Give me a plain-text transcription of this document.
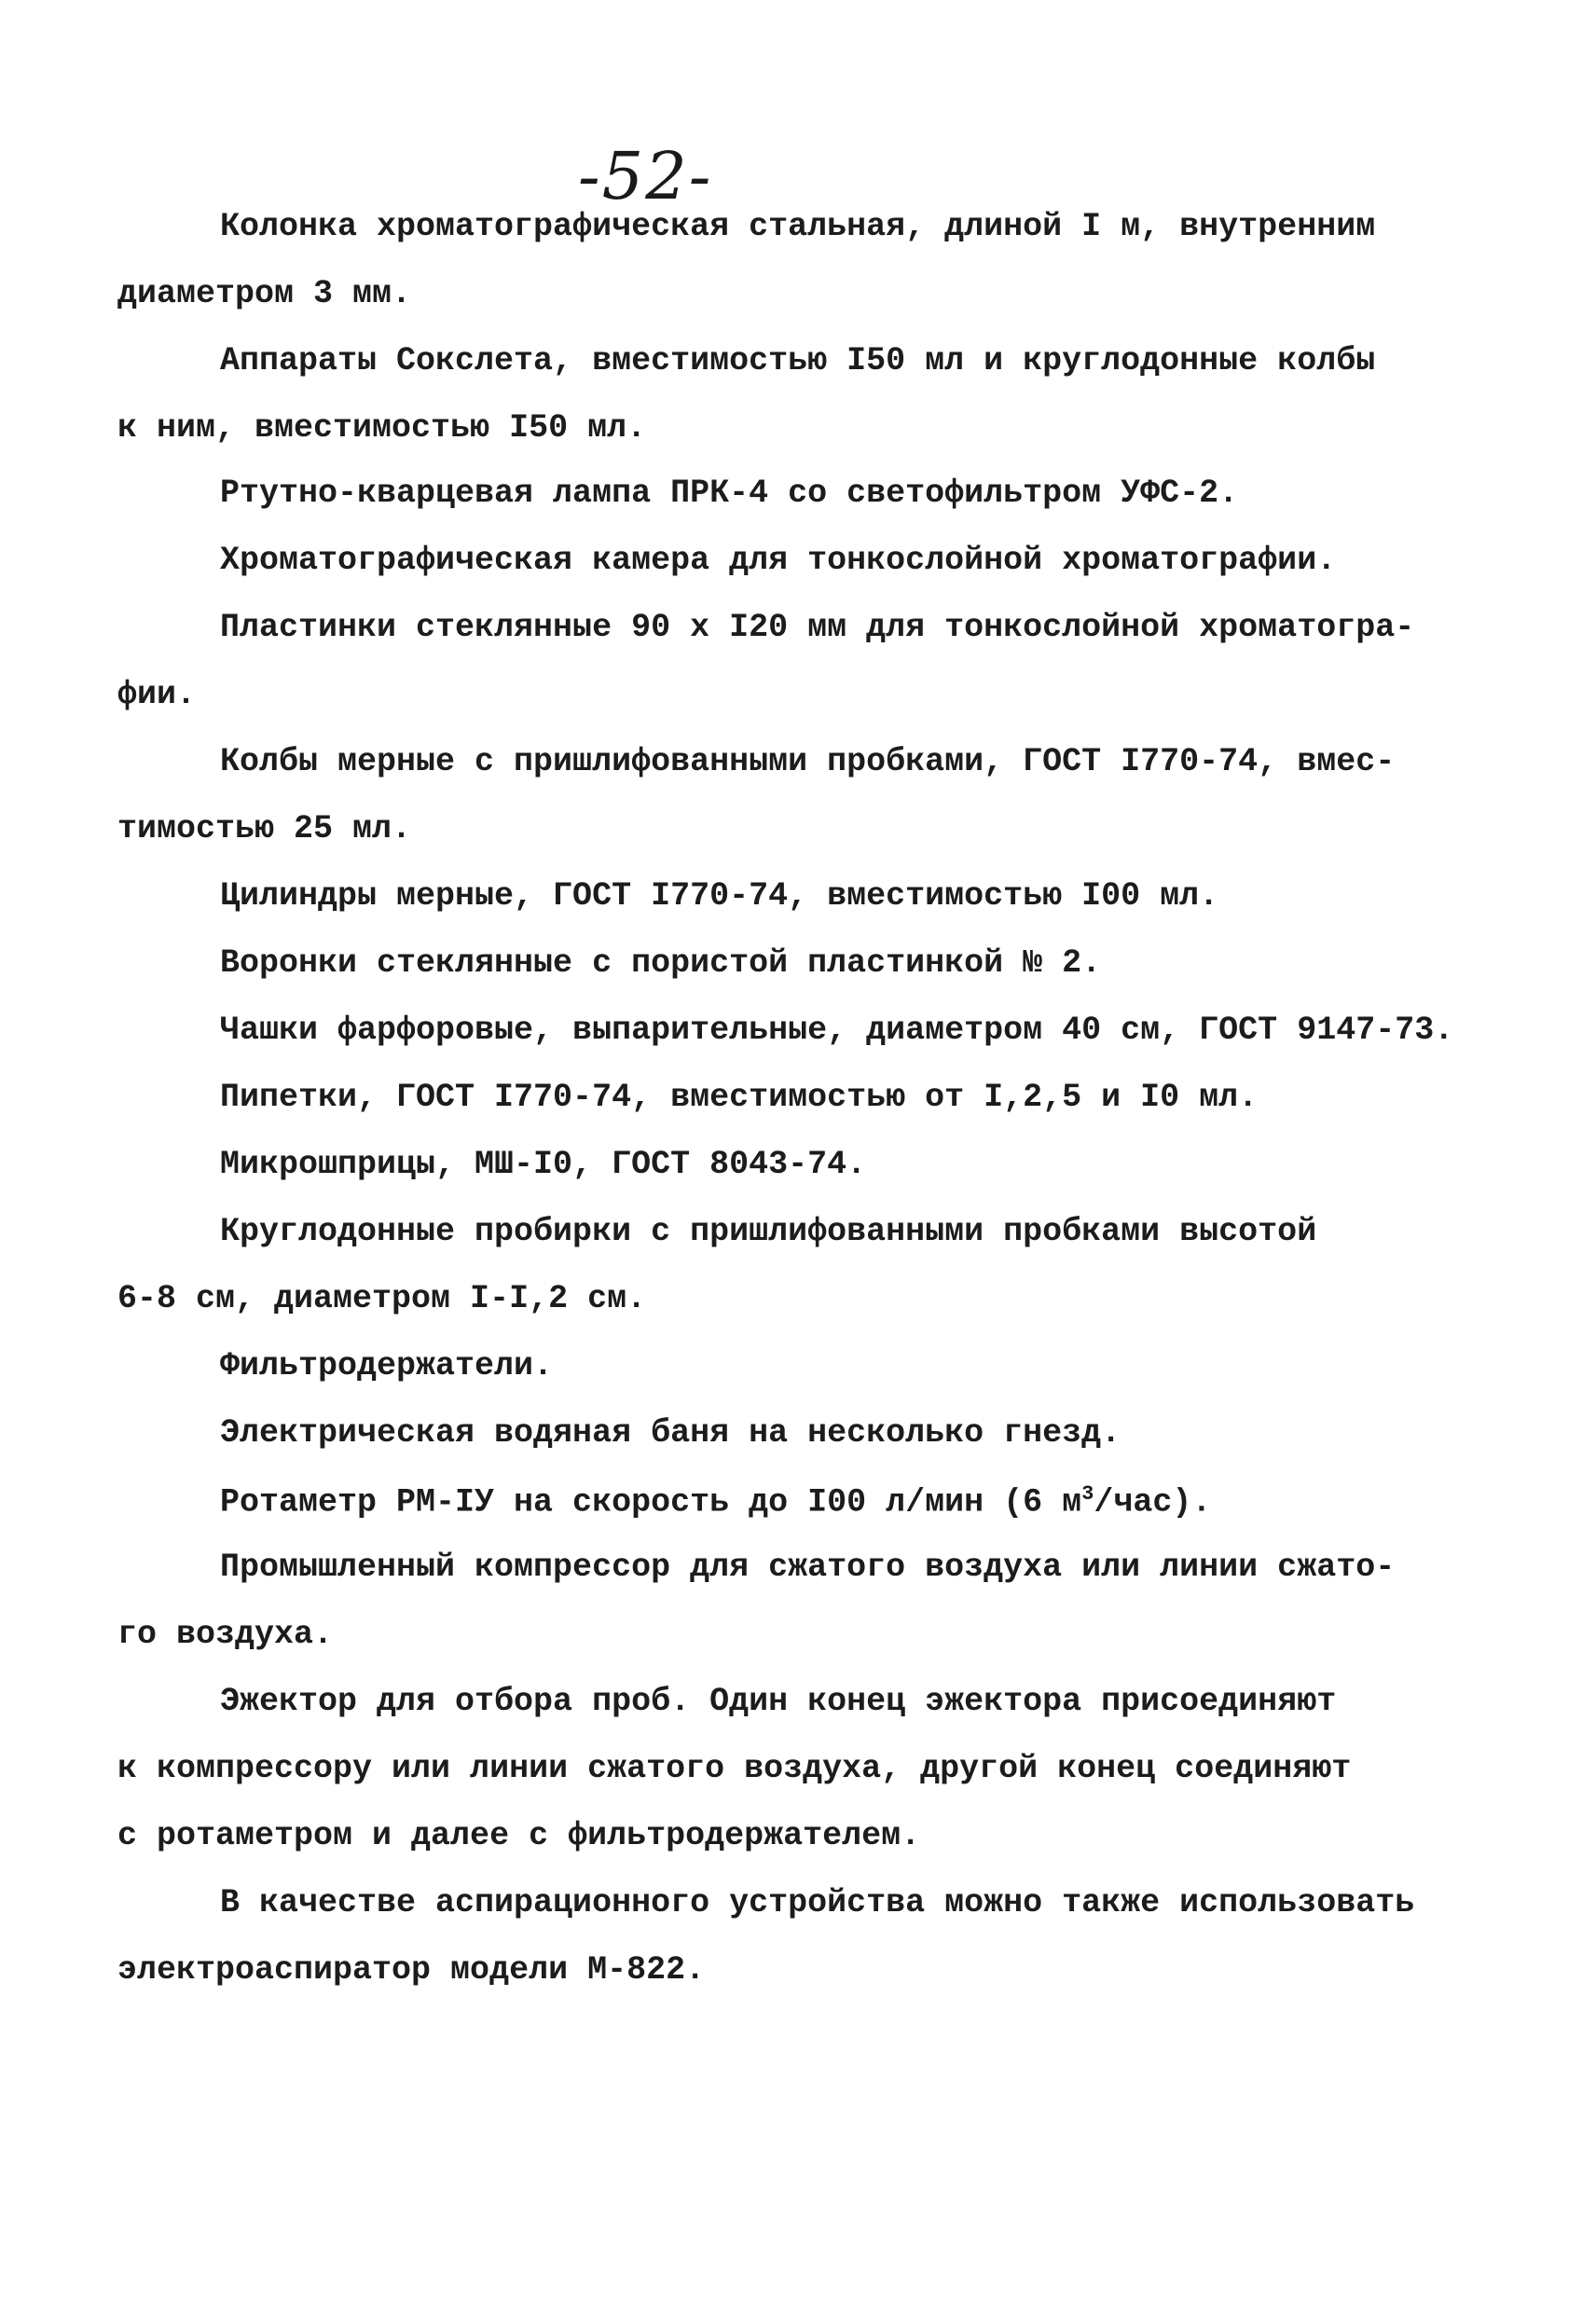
-52-
Колонка хроматографическая стальная, длиной I м, внутренним
диаметром 3 мм.
Аппараты Сокслета, вместимостью I50 мл и круглодонные колбы
к ним, вместимостью I50 мл.
Ртутно-кварцевая лампа ПРК-4 со светофильтром УФС-2.
Хроматографическая камера для тонкослойной хроматографии.
Пластинки стеклянные 90 х I20 мм для тонкослойной хроматогра-
фии.
Колбы мерные с пришлифованными пробками, ГОСТ I770-74, вмес-
тимостью 25 мл.
Цилиндры мерные, ГОСТ I770-74, вместимостью I00 мл.
Воронки стеклянные с пористой пластинкой № 2.
Чашки фарфоровые, выпарительные, диаметром 40 см, ГОСТ 9147-73.
Пипетки, ГОСТ I770-74, вместимостью от I,2,5 и I0 мл.
Микрошприцы, МШ-I0, ГОСТ 8043-74.
Круглодонные пробирки с пришлифованными пробками высотой
6-8 см, диаметром I-I,2 см.
Фильтродержатели.
Электрическая водяная баня на несколько гнезд.
Ротаметр РМ-IУ на скорость до I00 л/мин (6 $м^3/час$).
Промышленный компрессор для сжатого воздуха или линии сжато-
го воздуха.
Эжектор для отбора проб. Один конец эжектора присоединяют
к компрессору или линии сжатого воздуха, другой конец соединяют
с ротаметром и далее с фильтродержателем.
В качестве аспирационного устройства можно также использовать
электроаспиратор модели М-822.
